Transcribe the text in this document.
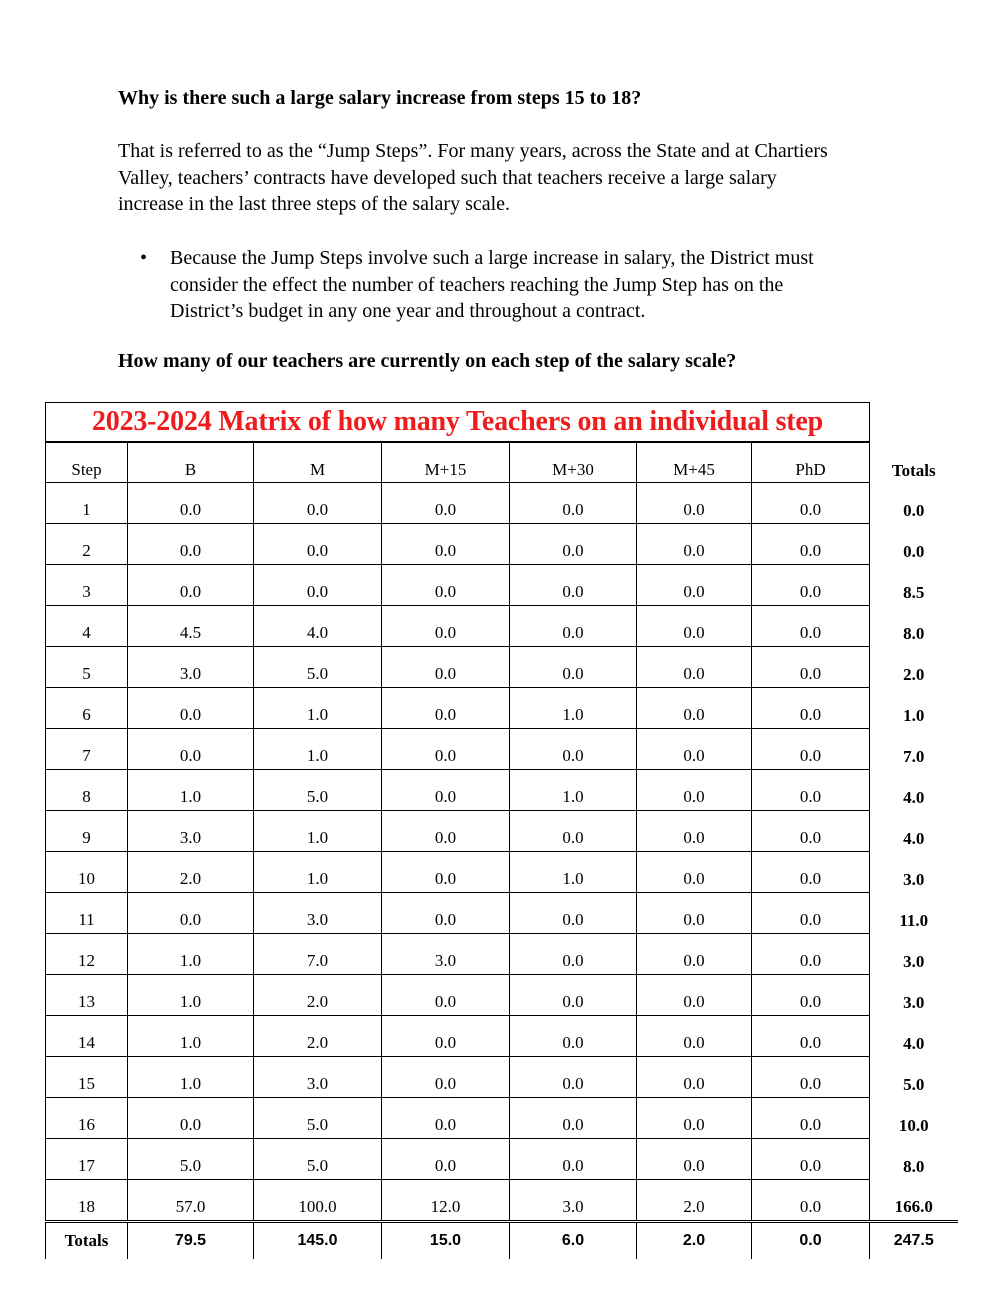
Why is there such a large salary increase from steps 15 to 18?
That is referred to as the “Jump Steps”. For many years, across the State and at Chartiers
Valley, teachers’ contracts have developed such that teachers receive a large salary
increase in the last three steps of the salary scale.
• Because the Jump Steps involve such a large increase in salary, the District must
consider the effect the number of teachers reaching the Jump Step has on the
District’s budget in any one year and throughout a contract.
How many of our teachers are currently on each step of the salary scale?
2023-2024 Matrix of how many Teachers on an individual step							
Step	B	M	M+15	M+30	M+45	PhD	Totals
1	0.0	0.0	0.0	0.0	0.0	0.0	0.0
2	0.0	0.0	0.0	0.0	0.0	0.0	0.0
3	0.0	0.0	0.0	0.0	0.0	0.0	8.5
4	4.5	4.0	0.0	0.0	0.0	0.0	8.0
5	3.0	5.0	0.0	0.0	0.0	0.0	2.0
6	0.0	1.0	0.0	1.0	0.0	0.0	1.0
7	0.0	1.0	0.0	0.0	0.0	0.0	7.0
8	1.0	5.0	0.0	1.0	0.0	0.0	4.0
9	3.0	1.0	0.0	0.0	0.0	0.0	4.0
10	2.0	1.0	0.0	1.0	0.0	0.0	3.0
11	0.0	3.0	0.0	0.0	0.0	0.0	11.0
12	1.0	7.0	3.0	0.0	0.0	0.0	3.0
13	1.0	2.0	0.0	0.0	0.0	0.0	3.0
14	1.0	2.0	0.0	0.0	0.0	0.0	4.0
15	1.0	3.0	0.0	0.0	0.0	0.0	5.0
16	0.0	5.0	0.0	0.0	0.0	0.0	10.0
17	5.0	5.0	0.0	0.0	0.0	0.0	8.0
18	57.0	100.0	12.0	3.0	2.0	0.0	166.0
Totals	79.5	145.0	15.0	6.0	2.0	0.0	247.5
